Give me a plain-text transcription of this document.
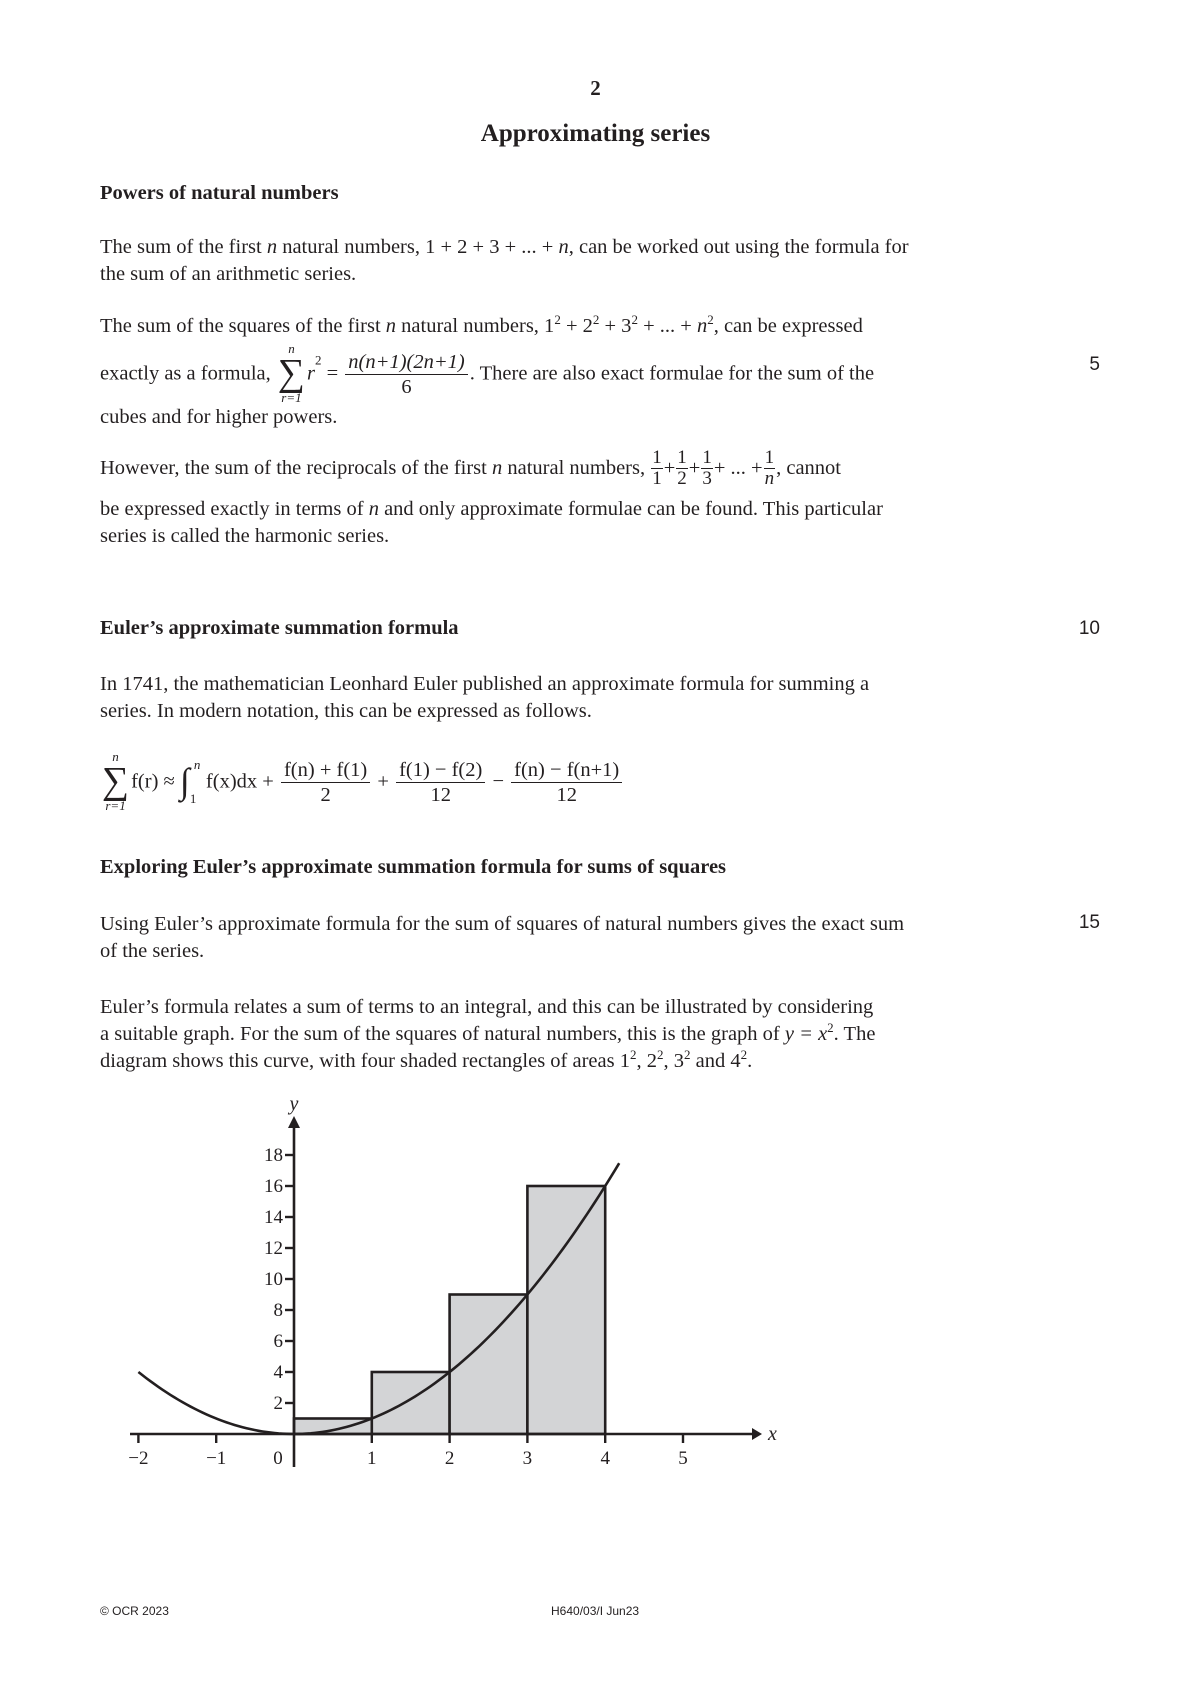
2
Approximating series
Powers of natural numbers
The sum of the first n natural numbers, 1 + 2 + 3 + ... + n, can be worked out using the formula for
the sum of an arithmetic series.
The sum of the squares of the first n natural numbers, $1^2 + 2^2 + 3^2$ + ... + $n^2$, can be expressed
exactly as a formula,
n
∑
r=1
$r^2 = \frac{n(n+1)(2n+1)}{6}$ . There are also exact formulae for the sum of the	5
cubes and for higher powers.
However, the sum of the reciprocals of the first n natural numbers, $\frac{1}{1} + \frac{1}{2} + \frac{1}{3}$ + ... + $\frac{1}{n}$ , cannot
be expressed exactly in terms of n and only approximate formulae can be found. This particular
series is called the harmonic series.
Euler’s approximate summation formula	10
In 1741, the mathematician Leonhard Euler published an approximate formula for summing a
series. In modern notation, this can be expressed as follows.
n
∑
r=1
f(r) ≈ ∫ n
1
$f(x)dx + \frac{f(n) + f(1)}{2} + \frac{f(1) - f(2)}{12} - \frac{f(n) - f(n+1)}{12}$
Exploring Euler’s approximate summation formula for sums of squares
Using Euler’s approximate formula for the sum of squares of natural numbers gives the exact sum
of the series.
15
Euler’s formula relates a sum of terms to an integral, and this can be illustrated by considering
a suitable graph. For the sum of the squares of natural numbers, this is the graph of $y = x^2$. The
diagram shows this curve, with four shaded rectangles of areas $1^2$, $2^2$, $3^2$ and $4^2$.
−2	−1 0	1	2	3	4	5
2
4
6
8
10
12
14
16
18
x
y
© OCR 2023	H640/03/I Jun23
